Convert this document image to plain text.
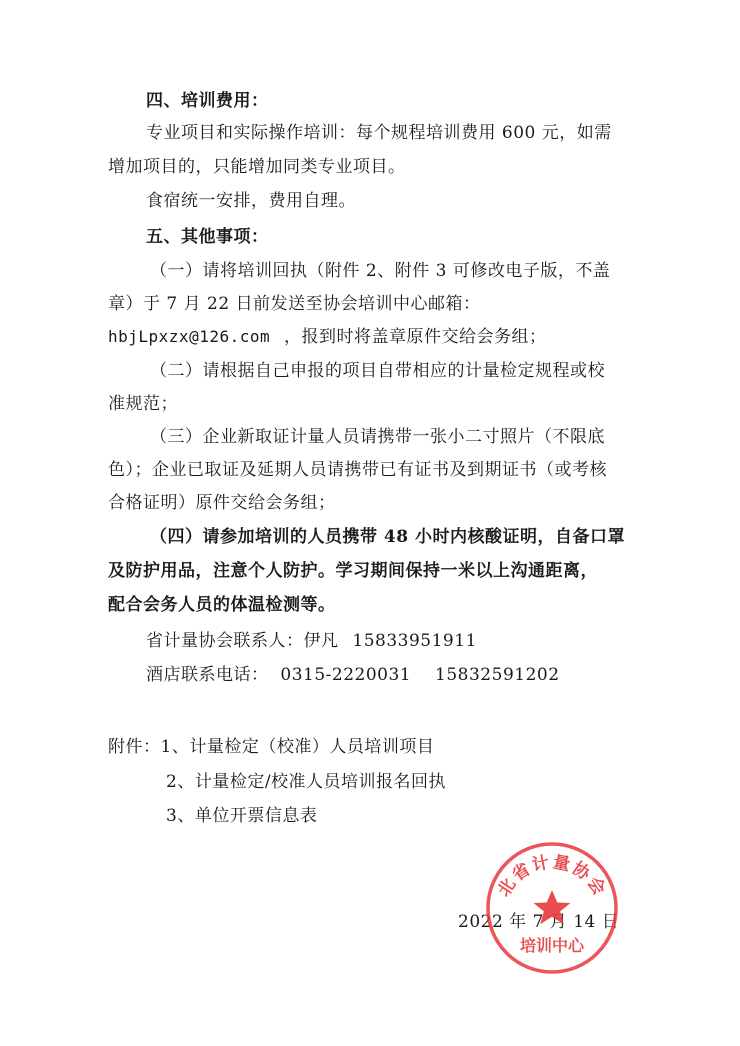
四、培训费用：
专业项目和实际操作培训：每个规程培训费用 600 元，如需
增加项目的，只能增加同类专业项目。
食宿统一安排，费用自理。
五、其他事项：
（一）请将培训回执（附件 2、附件 3 可修改电子版，不盖
章）于 7 月 22 日前发送至协会培训中心邮箱：
hbjLpxzx@126.com ，报到时将盖章原件交给会务组；
（二）请根据自己申报的项目自带相应的计量检定规程或校
准规范；
（三）企业新取证计量人员请携带一张小二寸照片（不限底
色）；企业已取证及延期人员请携带已有证书及到期证书（或考核
合格证明）原件交给会务组；
（四）请参加培训的人员携带 48 小时内核酸证明，自备口罩
及防护用品，注意个人防护。学习期间保持一米以上沟通距离，
配合会务人员的体温检测等。
省计量协会联系人：伊凡 15833951911
酒店联系电话： 0315-2220031 15832591202
附件：1、计量检定（校准）人员培训项目
2、计量检定/校准人员培训报名回执
3、单位开票信息表
2022 年 7 月 14 日
北省计量协会
培训中心
